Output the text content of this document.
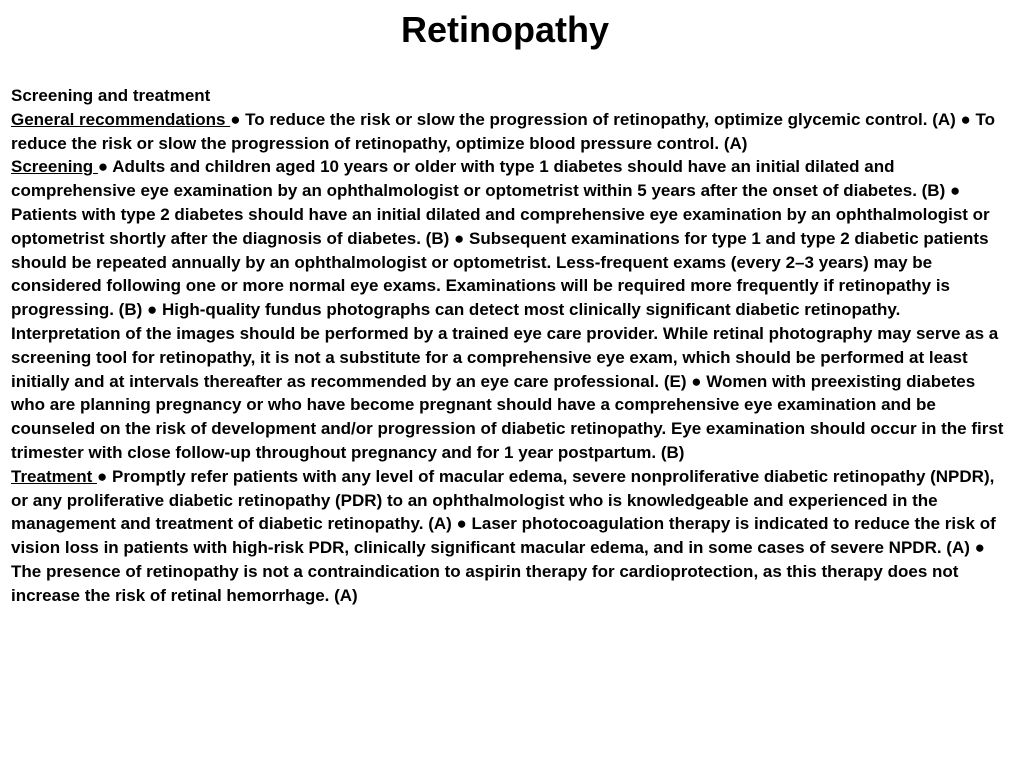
Retinopathy

Screening and treatment

General recommendations ● To reduce the risk or slow the progression of retinopathy, optimize glycemic control. (A) ● To reduce the risk or slow the progression of retinopathy, optimize blood pressure control. (A)

Screening ● Adults and children aged 10 years or older with type 1 diabetes should have an initial dilated and comprehensive eye examination by an ophthalmologist or optometrist within 5 years after the onset of diabetes. (B) ● Patients with type 2 diabetes should have an initial dilated and comprehensive eye examination by an ophthalmologist or optometrist shortly after the diagnosis of diabetes. (B) ● Subsequent examinations for type 1 and type 2 diabetic patients should be repeated annually by an ophthalmologist or optometrist. Less-frequent exams (every 2–3 years) may be considered following one or more normal eye exams. Examinations will be required more frequently if retinopathy is progressing. (B) ● High-quality fundus photographs can detect most clinically significant diabetic retinopathy. Interpretation of the images should be performed by a trained eye care provider. While retinal photography may serve as a screening tool for retinopathy, it is not a substitute for a comprehensive eye exam, which should be performed at least initially and at intervals thereafter as recommended by an eye care professional. (E) ● Women with preexisting diabetes who are planning pregnancy or who have become pregnant should have a comprehensive eye examination and be counseled on the risk of development and/or progression of diabetic retinopathy. Eye examination should occur in the first trimester with close follow-up throughout pregnancy and for 1 year postpartum. (B)

Treatment ● Promptly refer patients with any level of macular edema, severe nonproliferative diabetic retinopathy (NPDR), or any proliferative diabetic retinopathy (PDR) to an ophthalmologist who is knowledgeable and experienced in the management and treatment of diabetic retinopathy. (A) ● Laser photocoagulation therapy is indicated to reduce the risk of vision loss in patients with high-risk PDR, clinically significant macular edema, and in some cases of severe NPDR. (A) ● The presence of retinopathy is not a contraindication to aspirin therapy for cardioprotection, as this therapy does not increase the risk of retinal hemorrhage. (A)
